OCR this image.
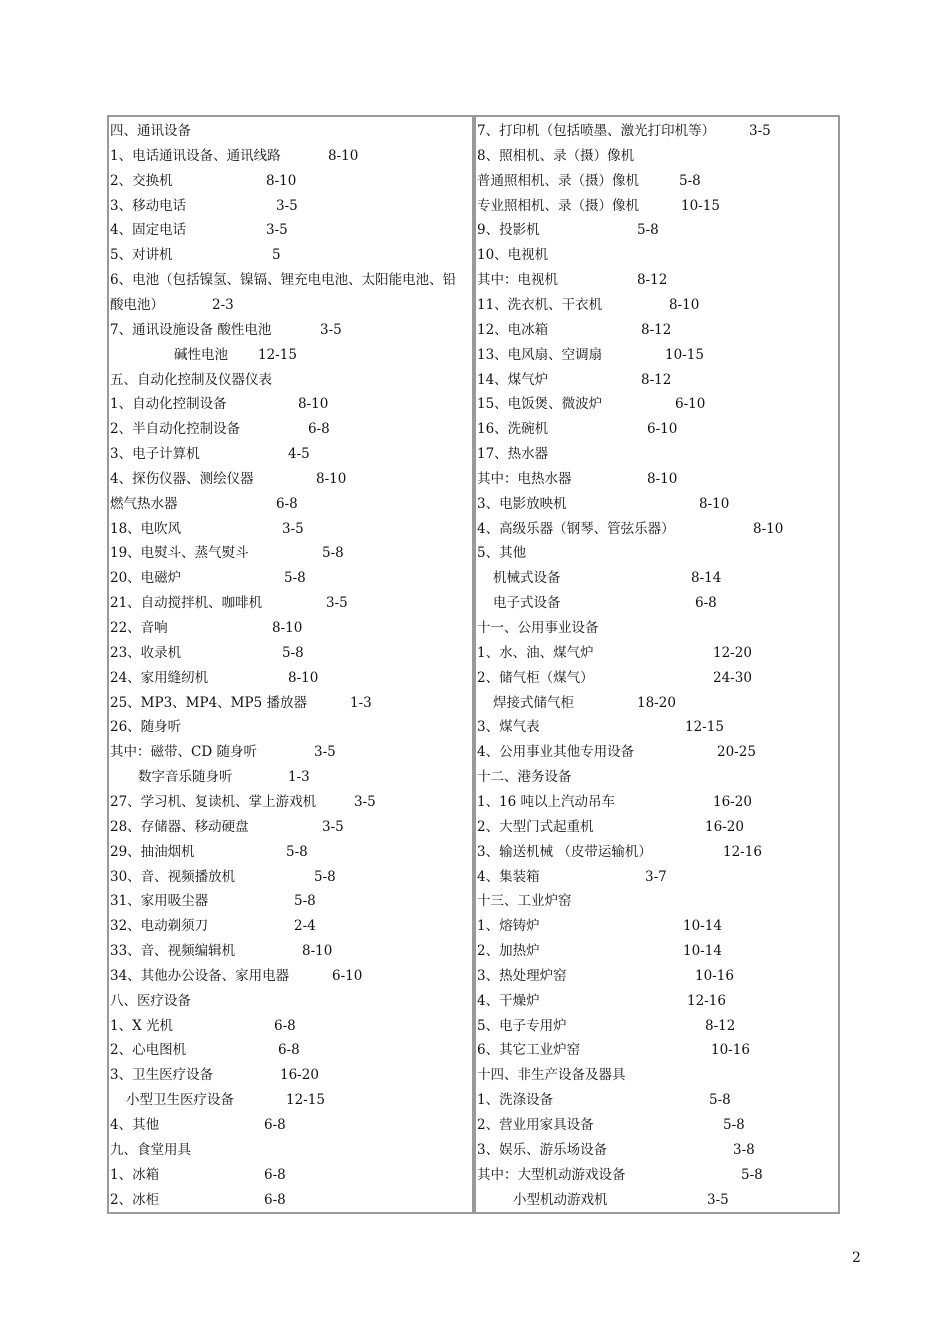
四、通讯设备
1、电话通讯设备、通讯线路	8-10
2、交换机	8-10
3、移动电话	3-5
4、固定电话	3-5
5、对讲机	5
6、电池（包括镍氢、镍镉、锂充电电池、太阳能电池、铅
酸电池）	2-3
7、通讯设施设备 酸性电池	3-5
碱性电池 12-15
五、自动化控制及仪器仪表
1、自动化控制设备	8-10
2、半自动化控制设备	6-8
3、电子计算机	4-5
4、探伤仪器、测绘仪器	8-10
燃气热水器	6-8
18、电吹风	3-5
19、电熨斗、蒸气熨斗	5-8
20、电磁炉	5-8
21、自动搅拌机、咖啡机	3-5
22、音响	8-10
23、收录机	5-8
24、家用缝纫机	8-10
25、MP3、MP4、MP5 播放器	1-3
26、随身听
其中：磁带、CD 随身听	3-5
数字音乐随身听	1-3
27、学习机、复读机、掌上游戏机	3-5
28、存储器、移动硬盘	3-5
29、抽油烟机	5-8
30、音、视频播放机	5-8
31、家用吸尘器	5-8
32、电动剃须刀	2-4
33、音、视频编辑机	8-10
34、其他办公设备、家用电器	6-10
八、医疗设备
1、X 光机	6-8
2、心电图机	6-8
3、卫生医疗设备	16-20
小型卫生医疗设备	12-15
4、其他	6-8
九、食堂用具
1、冰箱	6-8
2、冰柜	6-8
7、打印机（包括喷墨、激光打印机等）	3-5
8、照相机、录（摄）像机
普通照相机、录（摄）像机	5-8
专业照相机、录（摄）像机	10-15
9、投影机	5-8
10、电视机
其中：电视机	8-12
11、洗衣机、干衣机	8-10
12、电冰箱	8-12
13、电风扇、空调扇	10-15
14、煤气炉	8-12
15、电饭煲、微波炉	6-10
16、洗碗机	6-10
17、热水器
其中：电热水器	8-10
3、电影放映机	8-10
4、高级乐器（钢琴、管弦乐器）	8-10
5、其他
机械式设备	8-14
电子式设备	6-8
十一、公用事业设备
1、水、油、煤气炉	12-20
2、储气柜（煤气）	24-30
焊接式储气柜	18-20
3、煤气表	12-15
4、公用事业其他专用设备	20-25
十二、港务设备
1、16 吨以上汽动吊车	16-20
2、大型门式起重机	16-20
3、输送机械 （皮带运输机）	12-16
4、集装箱	3-7
十三、工业炉窑
1、熔铸炉	10-14
2、加热炉	10-14
3、热处理炉窑	10-16
4、干燥炉	12-16
5、电子专用炉	8-12
6、其它工业炉窑	10-16
十四、非生产设备及器具
1、洗涤设备	5-8
2、营业用家具设备	5-8
3、娱乐、游乐场设备	3-8
其中：大型机动游戏设备	5-8
小型机动游戏机	3-5
2
